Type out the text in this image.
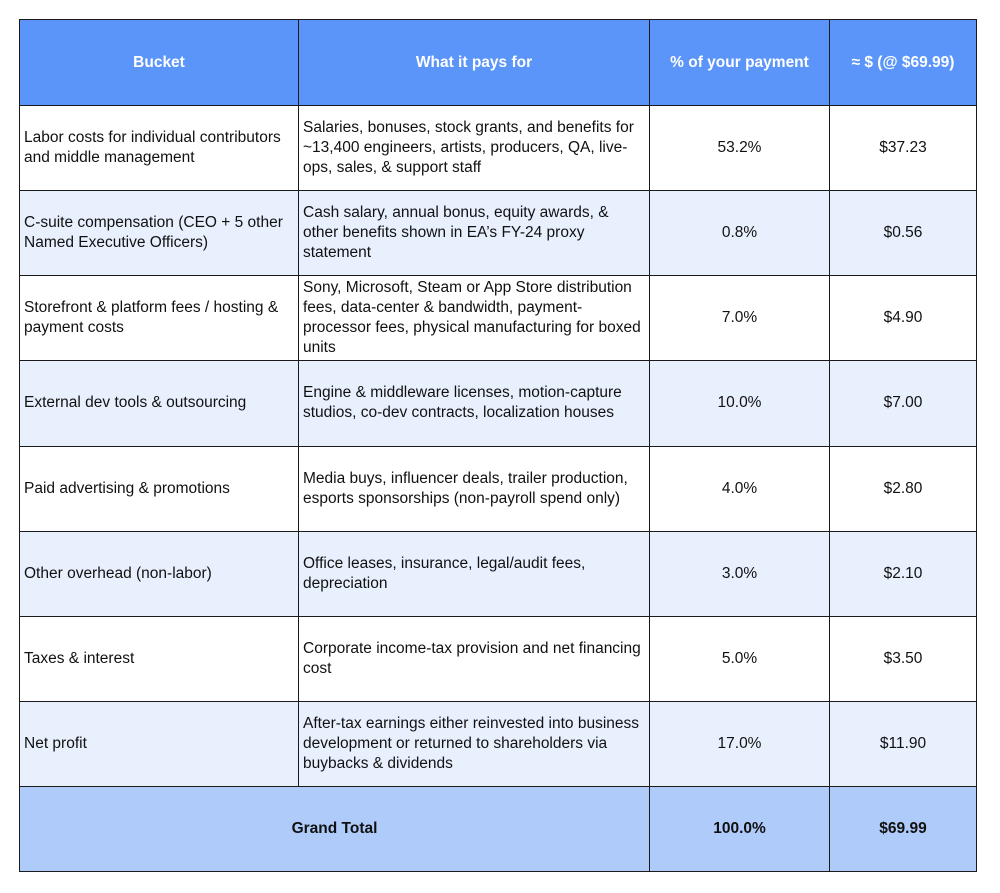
Bucket	What it pays for	% of your payment	≈ $ (@ $69.99)
Labor costs for individual contributors and middle management	Salaries, bonuses, stock grants, and benefits for ~13,400 engineers, artists, producers, QA, live-ops, sales, & support staff	53.2%	$37.23
C-suite compensation (CEO + 5 other Named Executive Officers)	Cash salary, annual bonus, equity awards, & other benefits shown in EA’s FY-24 proxy statement	0.8%	$0.56
Storefront & platform fees / hosting & payment costs	Sony, Microsoft, Steam or App Store distribution fees, data-center & bandwidth, payment-processor fees, physical manufacturing for boxed units	7.0%	$4.90
External dev tools & outsourcing	Engine & middleware licenses, motion-capture studios, co-dev contracts, localization houses	10.0%	$7.00
Paid advertising & promotions	Media buys, influencer deals, trailer production, esports sponsorships (non-payroll spend only)	4.0%	$2.80
Other overhead (non-labor)	Office leases, insurance, legal/audit fees, depreciation	3.0%	$2.10
Taxes & interest	Corporate income-tax provision and net financing cost	5.0%	$3.50
Net profit	After-tax earnings either reinvested into business development or returned to shareholders via buybacks & dividends	17.0%	$11.90
Grand Total		100.0%	$69.99
